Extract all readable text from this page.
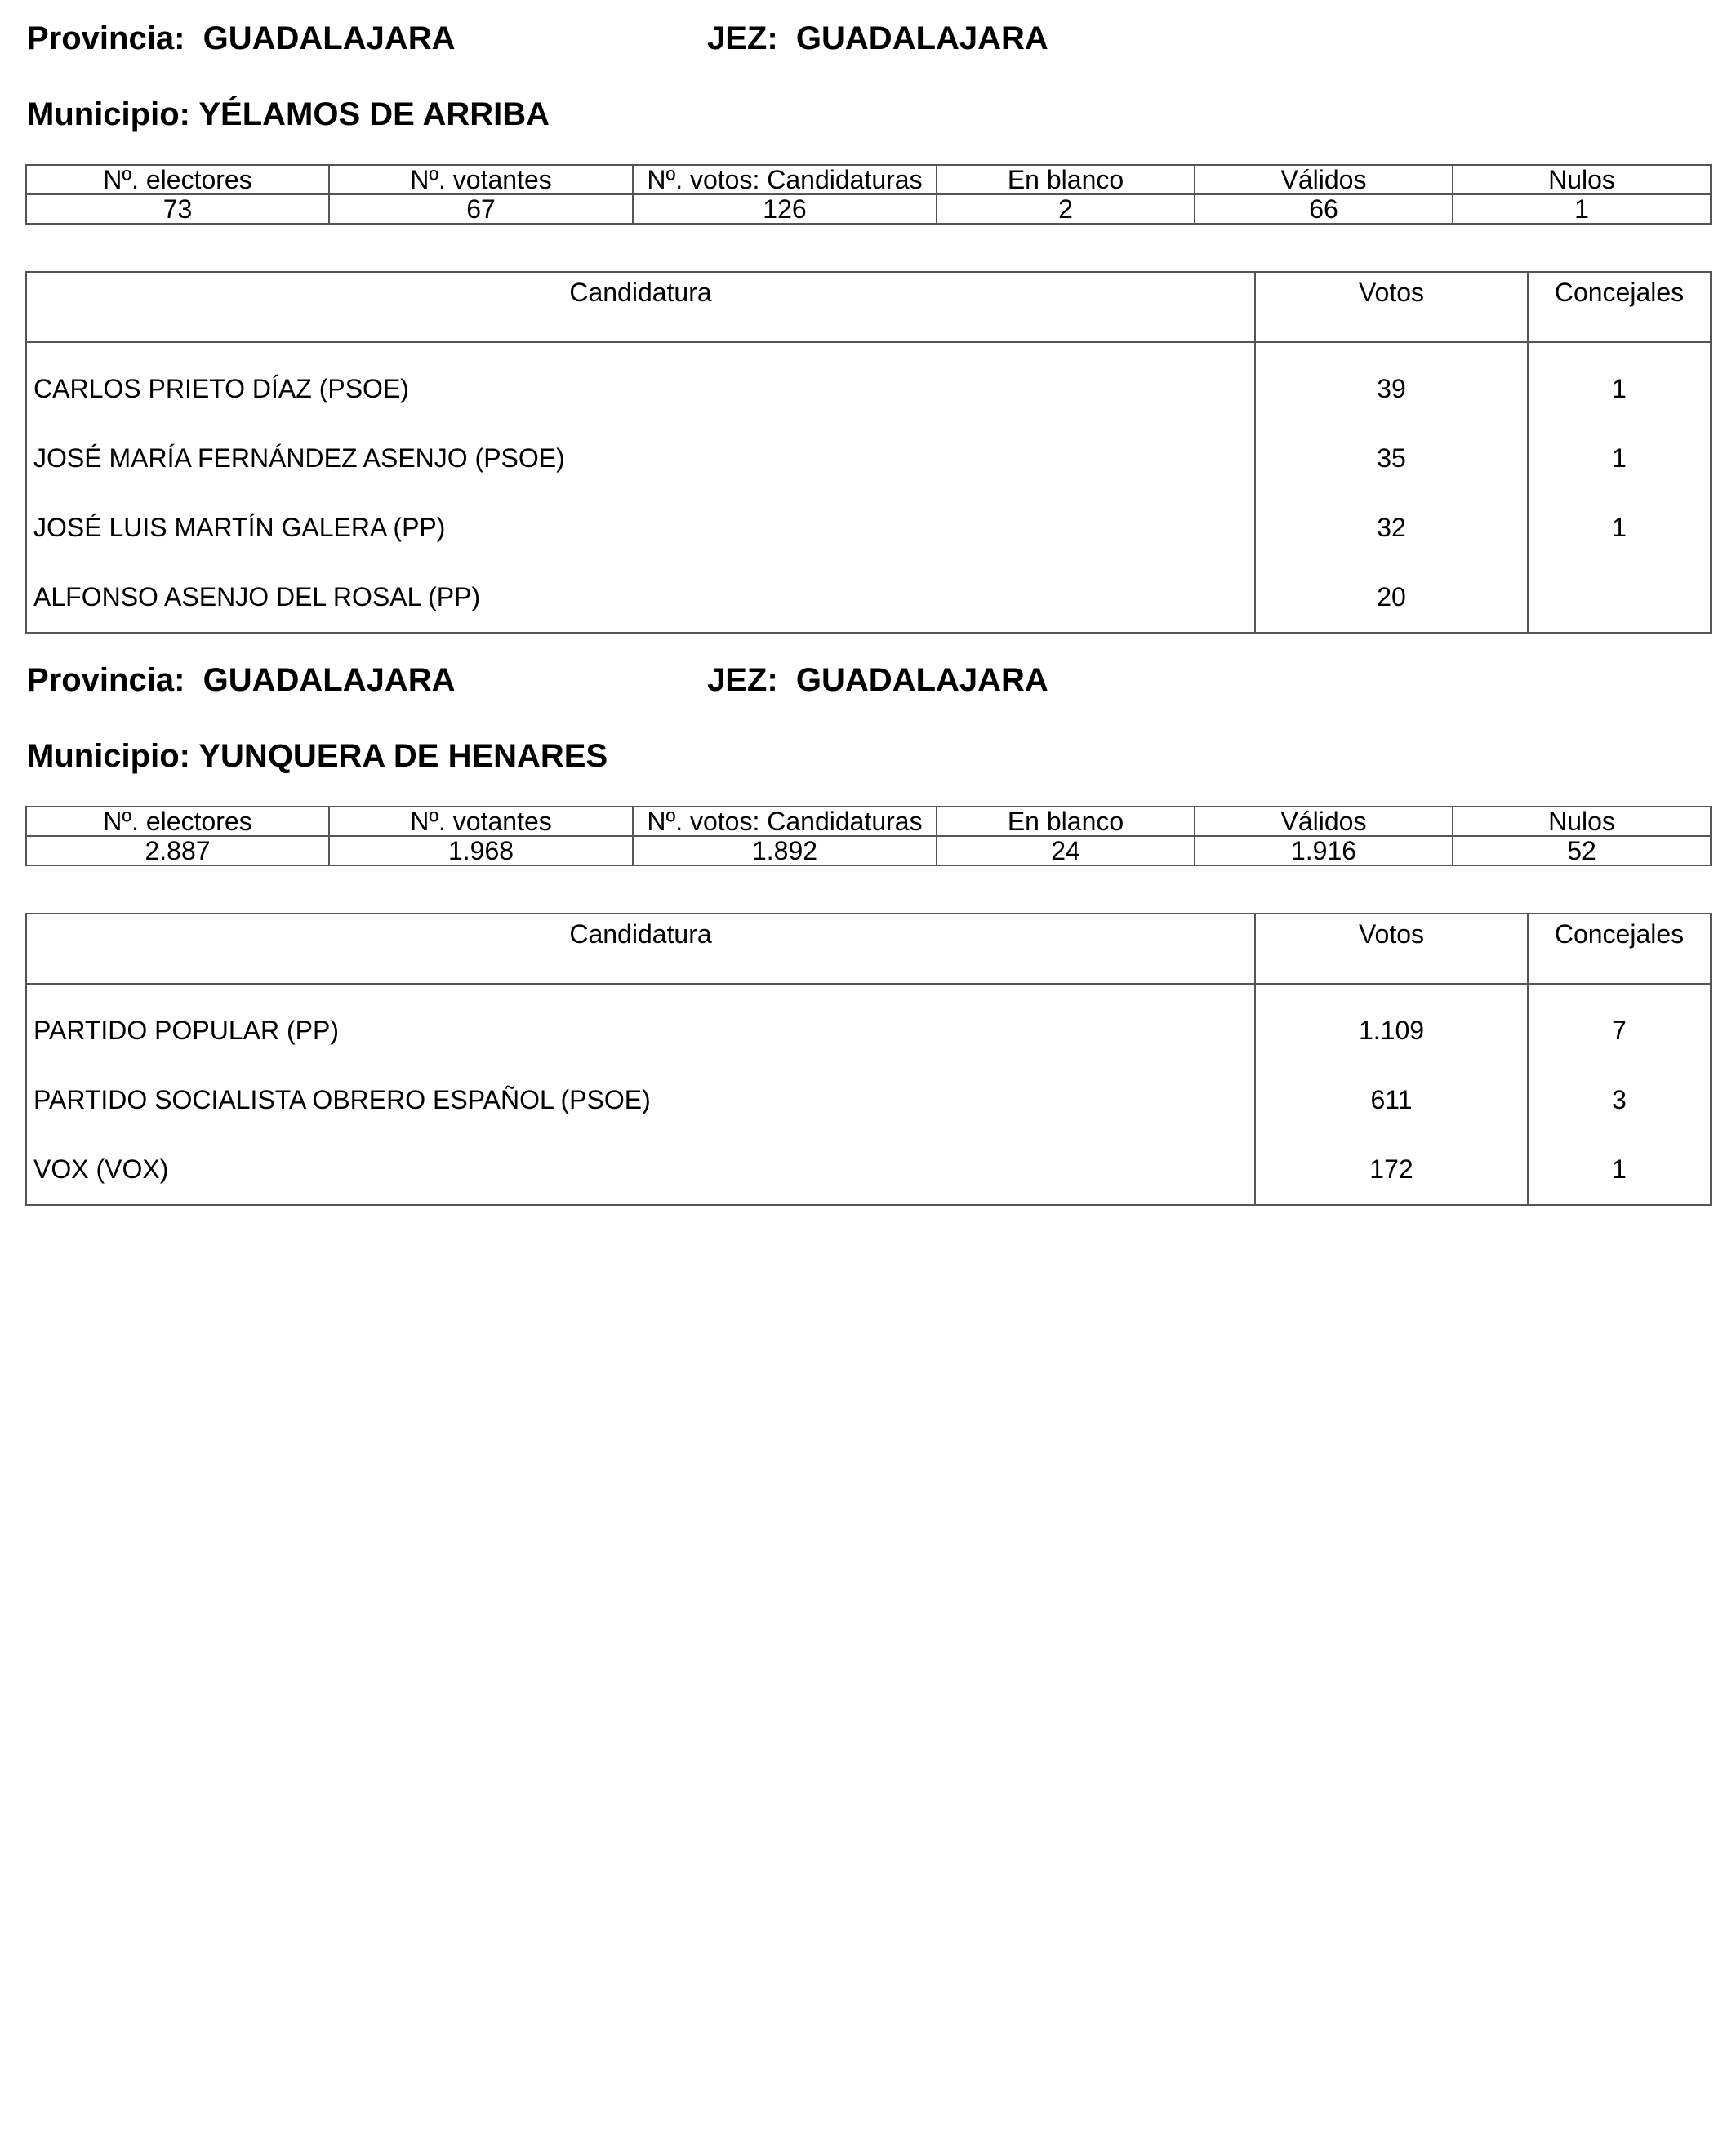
Provincia: GUADALAJARA	JEZ: GUADALAJARA
Municipio: YÉLAMOS DE ARRIBA
Nº. electores	Nº. votantes	Nº. votos: Candidaturas	En blanco	Válidos	Nulos
73	67	126	2	66	1
Candidatura	Votos	Concejales

CARLOS PRIETO DÍAZ (PSOE)	39	1
JOSÉ MARÍA FERNÁNDEZ ASENJO (PSOE)	35	1
JOSÉ LUIS MARTÍN GALERA (PP)	32	1
ALFONSO ASENJO DEL ROSAL (PP)	20	
Provincia: GUADALAJARA	JEZ: GUADALAJARA
Municipio: YUNQUERA DE HENARES
Nº. electores	Nº. votantes	Nº. votos: Candidaturas	En blanco	Válidos	Nulos
2.887	1.968	1.892	24	1.916	52
Candidatura	Votos	Concejales

PARTIDO POPULAR (PP)	1.109	7
PARTIDO SOCIALISTA OBRERO ESPAÑOL (PSOE)	611	3
VOX (VOX)	172	1
